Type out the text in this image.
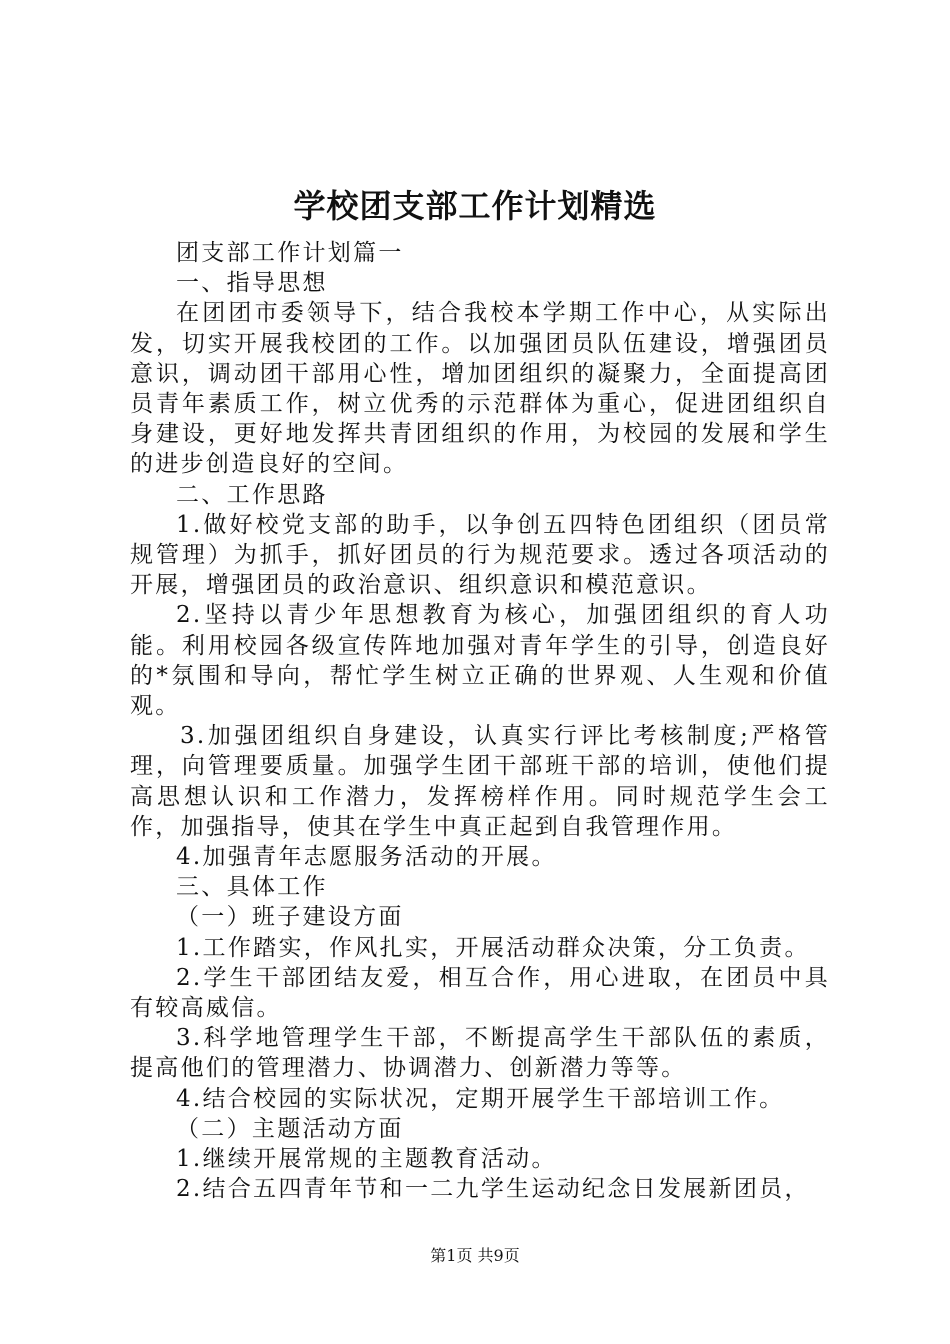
学校团支部工作计划精选

团支部工作计划篇一

一、指导思想

在团团市委领导下，结合我校本学期工作中心，从实际出发，切实开展我校团的工作。以加强团员队伍建设，增强团员意识，调动团干部用心性，增加团组织的凝聚力，全面提高团员青年素质工作，树立优秀的示范群体为重心，促进团组织自身建设，更好地发挥共青团组织的作用，为校园的发展和学生的进步创造良好的空间。

二、工作思路

1.做好校党支部的助手，以争创五四特色团组织（团员常规管理）为抓手，抓好团员的行为规范要求。透过各项活动的开展，增强团员的政治意识、组织意识和模范意识。

2.坚持以青少年思想教育为核心，加强团组织的育人功能。利用校园各级宣传阵地加强对青年学生的引导，创造良好的*氛围和导向，帮忙学生树立正确的世界观、人生观和价值观。

3.加强团组织自身建设，认真实行评比考核制度;严格管理，向管理要质量。加强学生团干部班干部的培训，使他们提高思想认识和工作潜力，发挥榜样作用。同时规范学生会工作，加强指导，使其在学生中真正起到自我管理作用。

4.加强青年志愿服务活动的开展。

三、具体工作

（一）班子建设方面

1.工作踏实，作风扎实，开展活动群众决策，分工负责。

2.学生干部团结友爱，相互合作，用心进取，在团员中具有较高威信。

3.科学地管理学生干部，不断提高学生干部队伍的素质，提高他们的管理潜力、协调潜力、创新潜力等等。

4.结合校园的实际状况，定期开展学生干部培训工作。

（二）主题活动方面

1.继续开展常规的主题教育活动。

2.结合五四青年节和一二九学生运动纪念日发展新团员，

第1页 共9页
